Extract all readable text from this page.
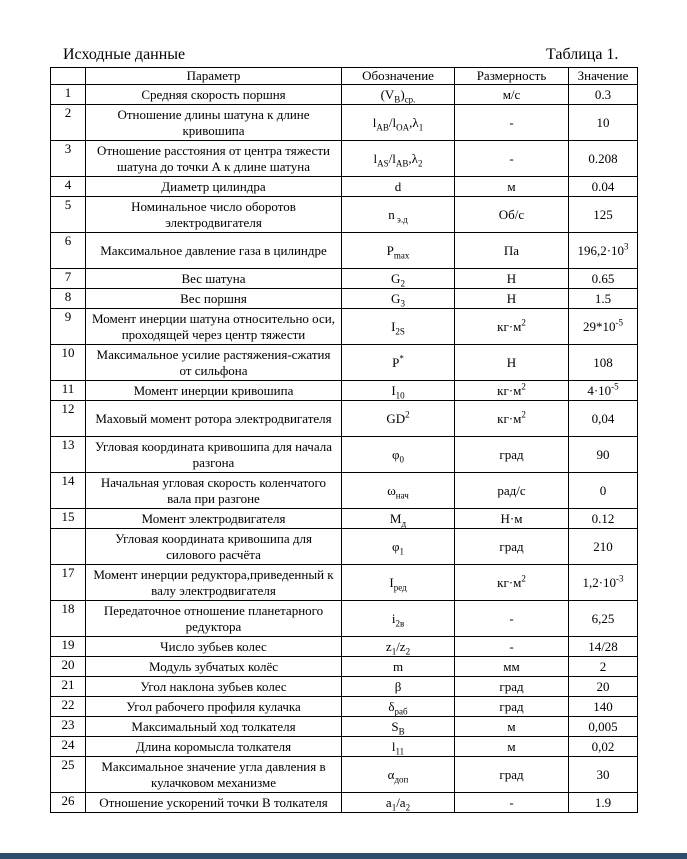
Исходные данные	Таблица 1.
	Параметр	Обозначение	Размерность	Значение
1	Средняя скорость поршня	$(V_B)_{ср.}$	м/с	0.3
2	Отношение длины шатуна к длине кривошипа	$l_{AB}/l_{OA},\lambda_1$	-	10
3	Отношение расстояния от центра тяжести шатуна до точки А к длине шатуна	$l_{AS}/l_{AB},\lambda_2$	-	0.208
4	Диаметр цилиндра	d	м	0.04
5	Номинальное число оборотов электродвигателя	n $_{э.д}$	Об/с	125
6	Максимальное давление газа в цилиндре	$P_{max}$	Па	$196,2\cdot 10^3$
7	Вес шатуна	$G_2$	Н	0.65
8	Вес поршня	$G_3$	Н	1.5
9	Момент инерции шатуна относительно оси, проходящей через центр тяжести	$I_{2S}$	$кг\cdot м^2$	$29*10^{-5}$
10	Максимальное усилие растяжения-сжатия от сильфона	P*	Н	108
11	Момент инерции кривошипа	$I_{10}$	$кг\cdot м^2$	$4\cdot 10^{-5}$
12	Маховый момент ротора электродвигателя	$GD^2$	$кг\cdot м^2$	0,04
13	Угловая координата кривошипа для начала разгона	$\varphi_0$	град	90
14	Начальная угловая скорость коленчатого вала при разгоне	$\omega_{нач}$	рад/с	0
15	Момент электродвигателя	$M_д$	Н·м	0.12
	Угловая координата кривошипа для силового расчёта	$\varphi_1$	град	210
17	Момент инерции редуктора,приведенный к валу электродвигателя	$I_{ред}$	$кг\cdot м^2$	$1,2\cdot 10^{-3}$
18	Передаточное отношение планетарного редуктора	$i_{2в}$	-	6,25
19	Число зубьев колес	$z_1/z_2$	-	14/28
20	Модуль зубчатых колёс	m	мм	2
21	Угол наклона зубьев колес	β	град	20
22	Угол рабочего профиля кулачка	$\delta_{раб}$	град	140
23	Максимальный ход толкателя	$S_B$	м	0,005
24	Длина коромысла толкателя	$l_{11}$	м	0,02
25	Максимальное значение угла давления в кулачковом механизме	$\alpha_{доп}$	град	30
26	Отношение ускорений точки В толкателя	$a_1/a_2$	-	1.9
